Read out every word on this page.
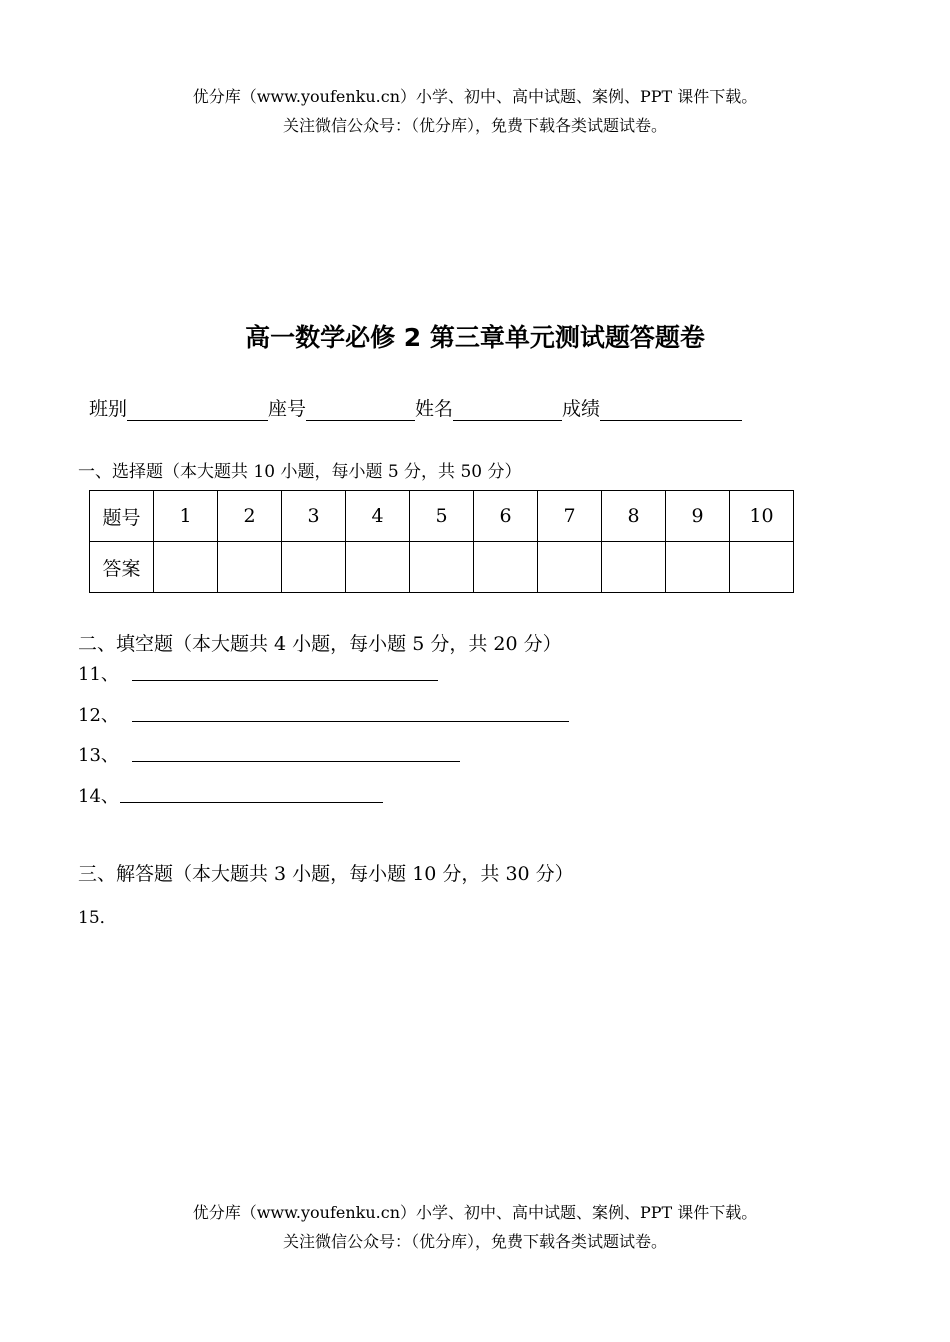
优分库（www.youfenku.cn）小学、初中、高中试题、案例、PPT 课件下载。
关注微信公众号：（优分库），免费下载各类试题试卷。
高一数学必修 2 第三章单元测试题答题卷
班别	座号	姓名	成绩
一、选择题（本大题共 10 小题，每小题 5 分，共 50 分）
题号	1	2	3	4	5	6	7	8	9	10
答案										
二、填空题（本大题共 4 小题，每小题 5 分，共 20 分）
11、
12、
13、
14、
三、解答题（本大题共 3 小题，每小题 10 分，共 30 分）
15．
优分库（www.youfenku.cn）小学、初中、高中试题、案例、PPT 课件下载。
关注微信公众号：（优分库），免费下载各类试题试卷。
